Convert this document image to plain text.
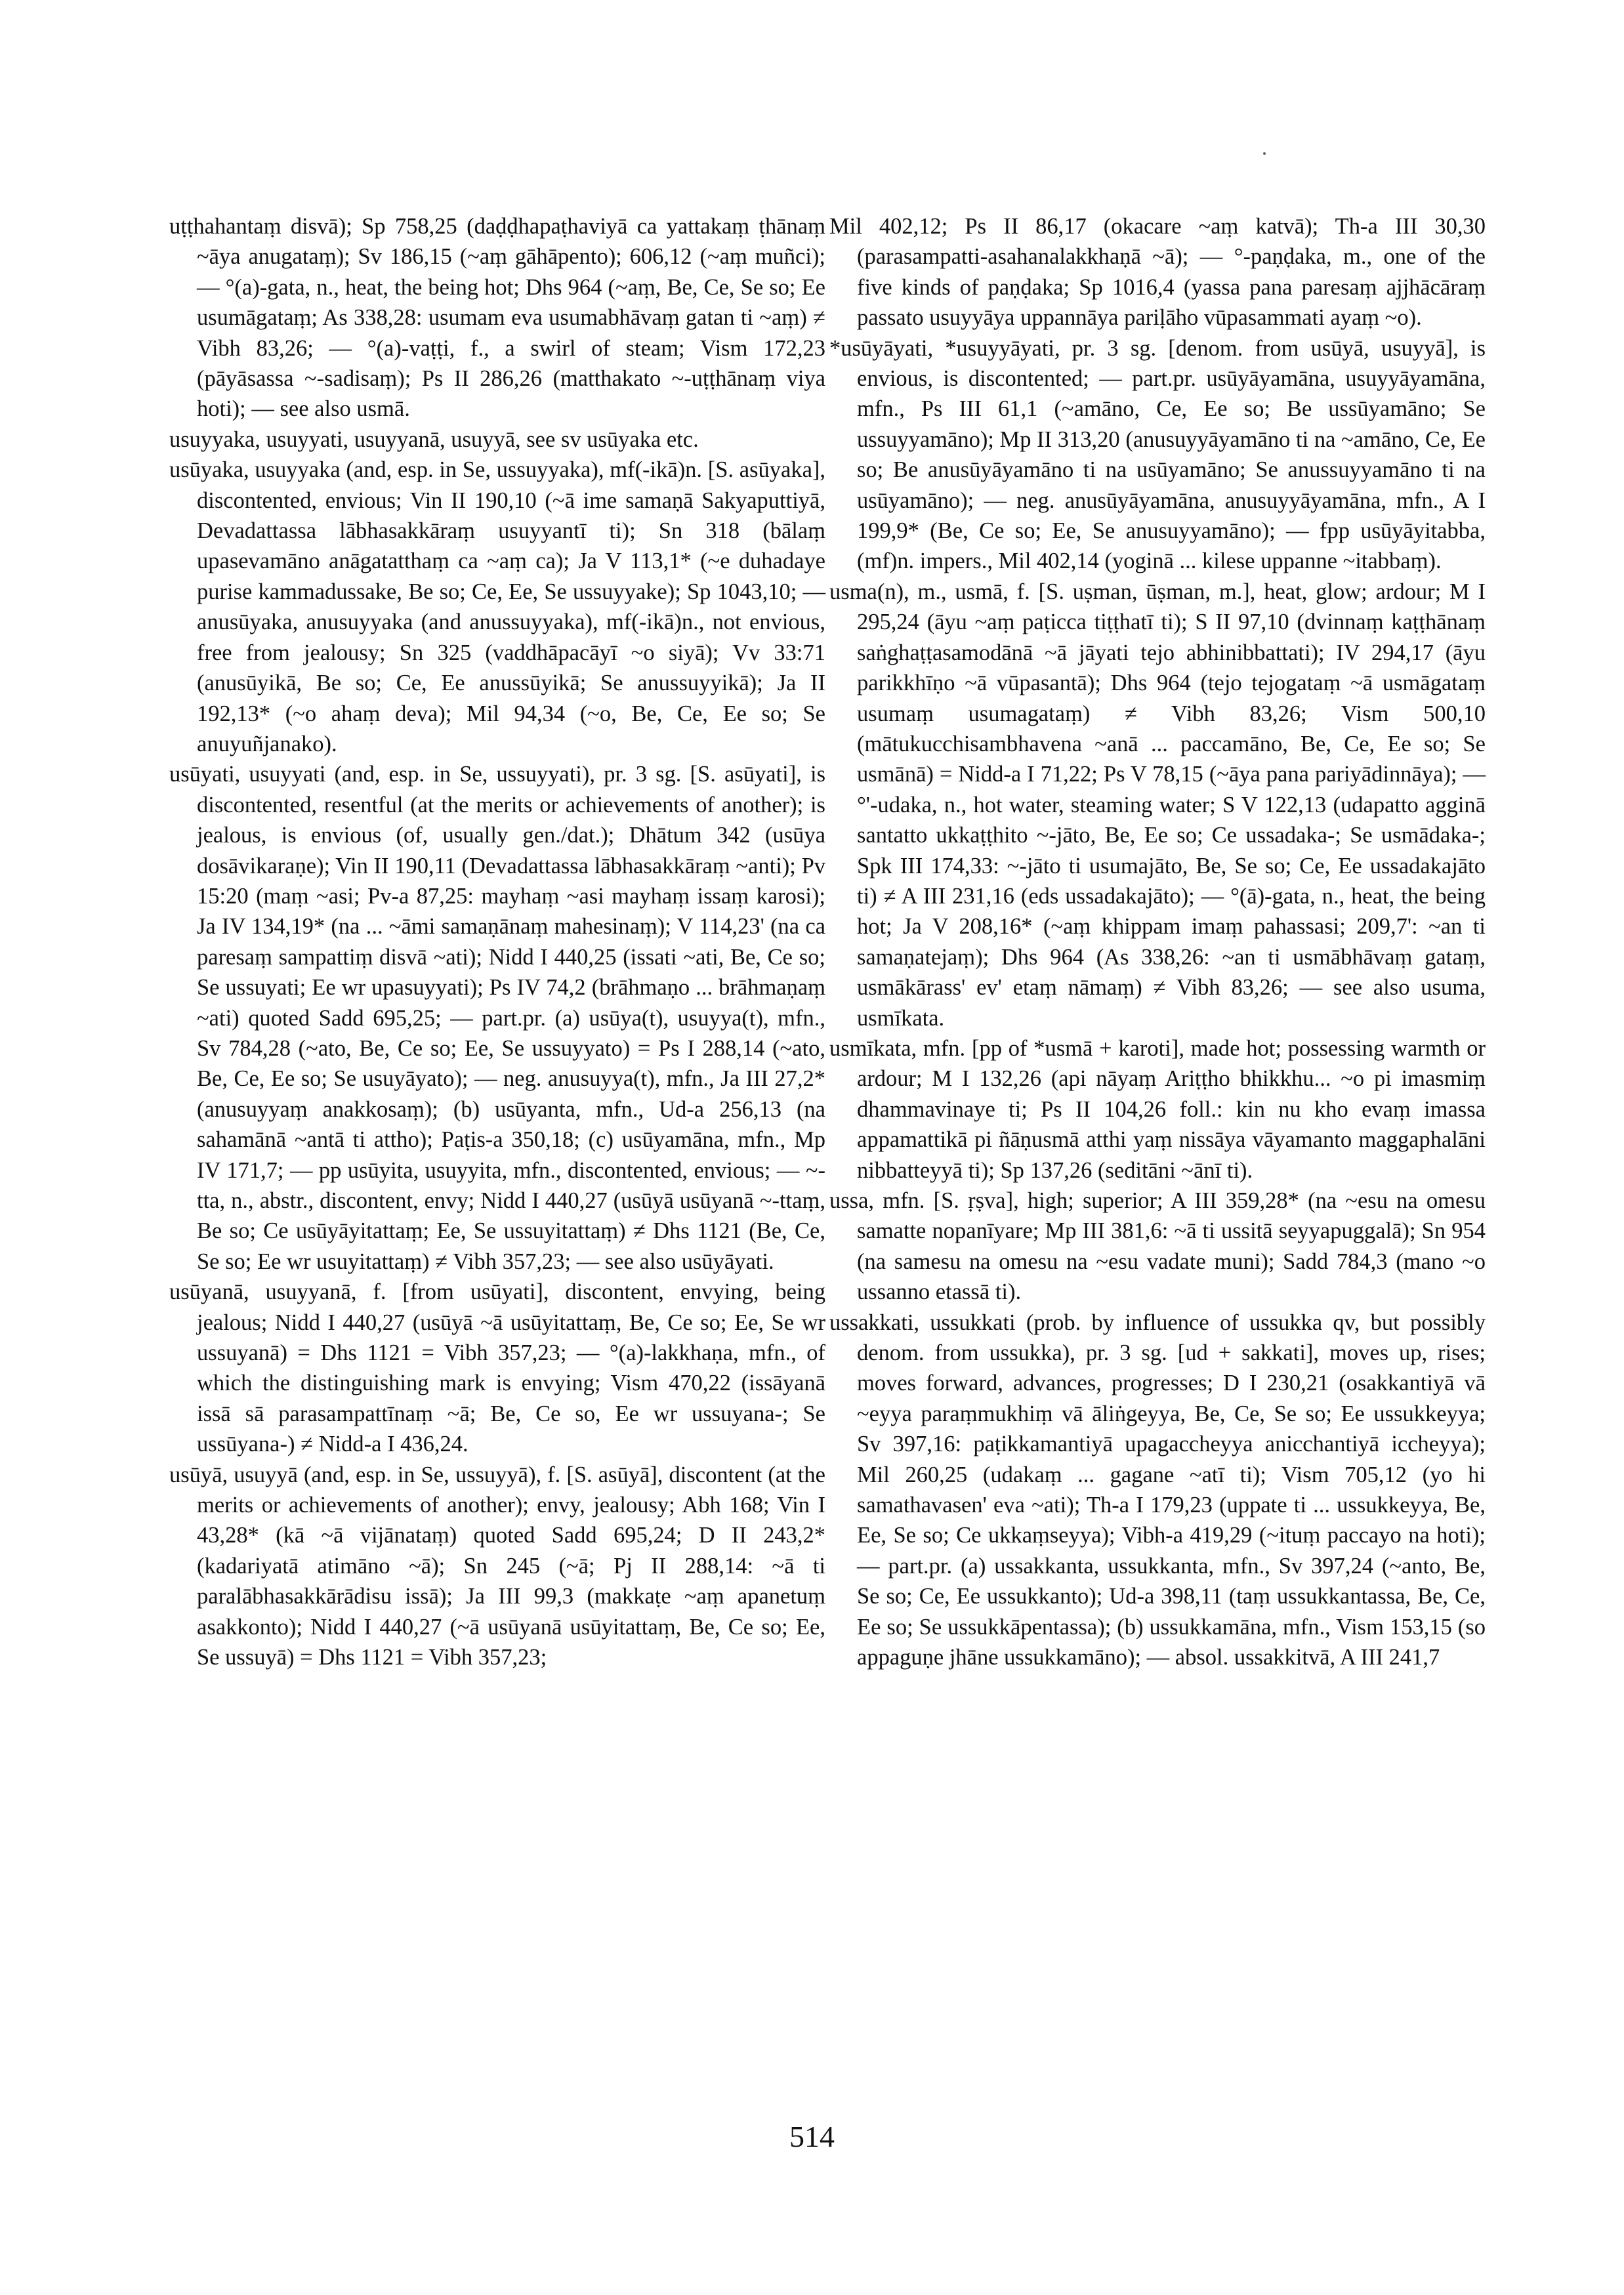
uṭṭhahantaṃ disvā); Sp 758,25 (daḍḍhapaṭhaviyā ca yattakaṃ ṭhānaṃ ~āya anugataṃ); Sv 186,15 (~aṃ gāhāpento); 606,12 (~aṃ muñci); — °(a)-gata, n., heat, the being hot; Dhs 964 (~aṃ, Be, Ce, Se so; Ee usumāgataṃ; As 338,28: usumam eva usumabhāvaṃ gatan ti ~aṃ) ≠ Vibh 83,26; — °(a)-vaṭṭi, f., a swirl of steam; Vism 172,23 (pāyāsassa ~-sadisaṃ); Ps II 286,26 (matthakato ~-uṭṭhānaṃ viya hoti); — see also usmā.

usuyyaka, usuyyati, usuyyanā, usuyyā, see sv usūyaka etc.

usūyaka, usuyyaka (and, esp. in Se, ussuyyaka), mf(-ikā)n. [S. asūyaka], discontented, envious; Vin II 190,10 (~ā ime samaṇā Sakyaputtiyā, Devadattassa lābhasakkāraṃ usuyyantī ti); Sn 318 (bālaṃ upasevamāno anāgatatthaṃ ca ~aṃ ca); Ja V 113,1* (~e duhadaye purise kammadussake, Be so; Ce, Ee, Se ussuyyake); Sp 1043,10; — anusūyaka, anusuyyaka (and anussuyyaka), mf(-ikā)n., not envious, free from jealousy; Sn 325 (vaddhāpacāyī ~o siyā); Vv 33:71 (anusūyikā, Be so; Ce, Ee anussūyikā; Se anussuyyikā); Ja II 192,13* (~o ahaṃ deva); Mil 94,34 (~o, Be, Ce, Ee so; Se anuyuñjanako).

usūyati, usuyyati (and, esp. in Se, ussuyyati), pr. 3 sg. [S. asūyati], is discontented, resentful (at the merits or achievements of another); is jealous, is envious (of, usually gen./dat.); Dhātum 342 (usūya dosāvikaraṇe); Vin II 190,11 (Devadattassa lābhasakkāraṃ ~anti); Pv 15:20 (maṃ ~asi; Pv-a 87,25: mayhaṃ ~asi mayhaṃ issaṃ karosi); Ja IV 134,19* (na ... ~āmi samaṇānaṃ mahesinaṃ); V 114,23' (na ca paresaṃ sampattiṃ disvā ~ati); Nidd I 440,25 (issati ~ati, Be, Ce so; Se ussuyati; Ee wr upasuyyati); Ps IV 74,2 (brāhmaṇo ... brāhmaṇaṃ ~ati) quoted Sadd 695,25; — part.pr. (a) usūya(t), usuyya(t), mfn., Sv 784,28 (~ato, Be, Ce so; Ee, Se ussuyyato) = Ps I 288,14 (~ato, Be, Ce, Ee so; Se usuyāyato); — neg. anusuyya(t), mfn., Ja III 27,2* (anusuyyaṃ anakkosaṃ); (b) usūyanta, mfn., Ud-a 256,13 (na sahamānā ~antā ti attho); Paṭis-a 350,18; (c) usūyamāna, mfn., Mp IV 171,7; — pp usūyita, usuyyita, mfn., discontented, envious; — ~-tta, n., abstr., discontent, envy; Nidd I 440,27 (usūyā usūyanā ~-ttaṃ, Be so; Ce usūyāyitattaṃ; Ee, Se ussuyitattaṃ) ≠ Dhs 1121 (Be, Ce, Se so; Ee wr usuyitattaṃ) ≠ Vibh 357,23; — see also usūyāyati.

usūyanā, usuyyanā, f. [from usūyati], discontent, envying, being jealous; Nidd I 440,27 (usūyā ~ā usūyitattaṃ, Be, Ce so; Ee, Se wr ussuyanā) = Dhs 1121 = Vibh 357,23; — °(a)-lakkhaṇa, mfn., of which the distinguishing mark is envying; Vism 470,22 (issāyanā issā sā parasampattīnaṃ ~ā; Be, Ce so, Ee wr ussuyana-; Se ussūyana-) ≠ Nidd-a I 436,24.

usūyā, usuyyā (and, esp. in Se, ussuyyā), f. [S. asūyā], discontent (at the merits or achievements of another); envy, jealousy; Abh 168; Vin I 43,28* (kā ~ā vijānataṃ) quoted Sadd 695,24; D II 243,2* (kadariyatā atimāno ~ā); Sn 245 (~ā; Pj II 288,14: ~ā ti paralābhasakkārādisu issā); Ja III 99,3 (makkaṭe ~aṃ apanetuṃ asakkonto); Nidd I 440,27 (~ā usūyanā usūyitattaṃ, Be, Ce so; Ee, Se ussuyā) = Dhs 1121 = Vibh 357,23;

Mil 402,12; Ps II 86,17 (okacare ~aṃ katvā); Th-a III 30,30 (parasampatti-asahanalakkhaṇā ~ā); — °-paṇḍaka, m., one of the five kinds of paṇḍaka; Sp 1016,4 (yassa pana paresaṃ ajjhācāraṃ passato usuyyāya uppannāya pariḷāho vūpasammati ayaṃ ~o).

*usūyāyati, *usuyyāyati, pr. 3 sg. [denom. from usūyā, usuyyā], is envious, is discontented; — part.pr. usūyāyamāna, usuyyāyamāna, mfn., Ps III 61,1 (~amāno, Ce, Ee so; Be ussūyamāno; Se ussuyyamāno); Mp II 313,20 (anusuyyāyamāno ti na ~amāno, Ce, Ee so; Be anusūyāyamāno ti na usūyamāno; Se anussuyyamāno ti na usūyamāno); — neg. anusūyāyamāna, anusuyyāyamāna, mfn., A I 199,9* (Be, Ce so; Ee, Se anusuyyamāno); — fpp usūyāyitabba, (mf)n. impers., Mil 402,14 (yoginā ... kilese uppanne ~itabbaṃ).

usma(n), m., usmā, f. [S. uṣman, ūṣman, m.], heat, glow; ardour; M I 295,24 (āyu ~aṃ paṭicca tiṭṭhatī ti); S II 97,10 (dvinnaṃ kaṭṭhānaṃ saṅghaṭṭasamodānā ~ā jāyati tejo abhinibbattati); IV 294,17 (āyu parikkhīṇo ~ā vūpasantā); Dhs 964 (tejo tejogataṃ ~ā usmāgataṃ usumaṃ usumagataṃ) ≠ Vibh 83,26; Vism 500,10 (mātukucchisambhavena ~anā ... paccamāno, Be, Ce, Ee so; Se usmānā) = Nidd-a I 71,22; Ps V 78,15 (~āya pana pariyādinnāya); — °'-udaka, n., hot water, steaming water; S V 122,13 (udapatto agginā santatto ukkaṭṭhito ~-jāto, Be, Ee so; Ce ussadaka-; Se usmādaka-; Spk III 174,33: ~-jāto ti usumajāto, Be, Se so; Ce, Ee ussadakajāto ti) ≠ A III 231,16 (eds ussadakajāto); — °(ā)-gata, n., heat, the being hot; Ja V 208,16* (~aṃ khippam imaṃ pahassasi; 209,7': ~an ti samaṇatejaṃ); Dhs 964 (As 338,26: ~an ti usmābhāvaṃ gataṃ, usmākārass' ev' etaṃ nāmaṃ) ≠ Vibh 83,26; — see also usuma, usmīkata.

usmīkata, mfn. [pp of *usmā + karoti], made hot; possessing warmth or ardour; M I 132,26 (api nāyaṃ Ariṭṭho bhikkhu... ~o pi imasmiṃ dhammavinaye ti; Ps II 104,26 foll.: kin nu kho evaṃ imassa appamattikā pi ñāṇusmā atthi yaṃ nissāya vāyamanto maggaphalāni nibbatteyyā ti); Sp 137,26 (seditāni ~ānī ti).

ussa, mfn. [S. ṛṣva], high; superior; A III 359,28* (na ~esu na omesu samatte nopanīyare; Mp III 381,6: ~ā ti ussitā seyyapuggalā); Sn 954 (na samesu na omesu na ~esu vadate muni); Sadd 784,3 (mano ~o ussanno etassā ti).

ussakkati, ussukkati (prob. by influence of ussukka qv, but possibly denom. from ussukka), pr. 3 sg. [ud + sakkati], moves up, rises; moves forward, advances, progresses; D I 230,21 (osakkantiyā vā ~eyya paraṃmukhiṃ vā āliṅgeyya, Be, Ce, Se so; Ee ussukkeyya; Sv 397,16: paṭikkamantiyā upagaccheyya anicchantiyā iccheyya); Mil 260,25 (udakaṃ ... gagane ~atī ti); Vism 705,12 (yo hi samathavasen' eva ~ati); Th-a I 179,23 (uppate ti ... ussukkeyya, Be, Ee, Se so; Ce ukkaṃseyya); Vibh-a 419,29 (~ituṃ paccayo na hoti); — part.pr. (a) ussakkanta, ussukkanta, mfn., Sv 397,24 (~anto, Be, Se so; Ce, Ee ussukkanto); Ud-a 398,11 (taṃ ussukkantassa, Be, Ce, Ee so; Se ussukkāpentassa); (b) ussukkamāna, mfn., Vism 153,15 (so appaguṇe jhāne ussukkamāno); — absol. ussakkitvā, A III 241,7

514
